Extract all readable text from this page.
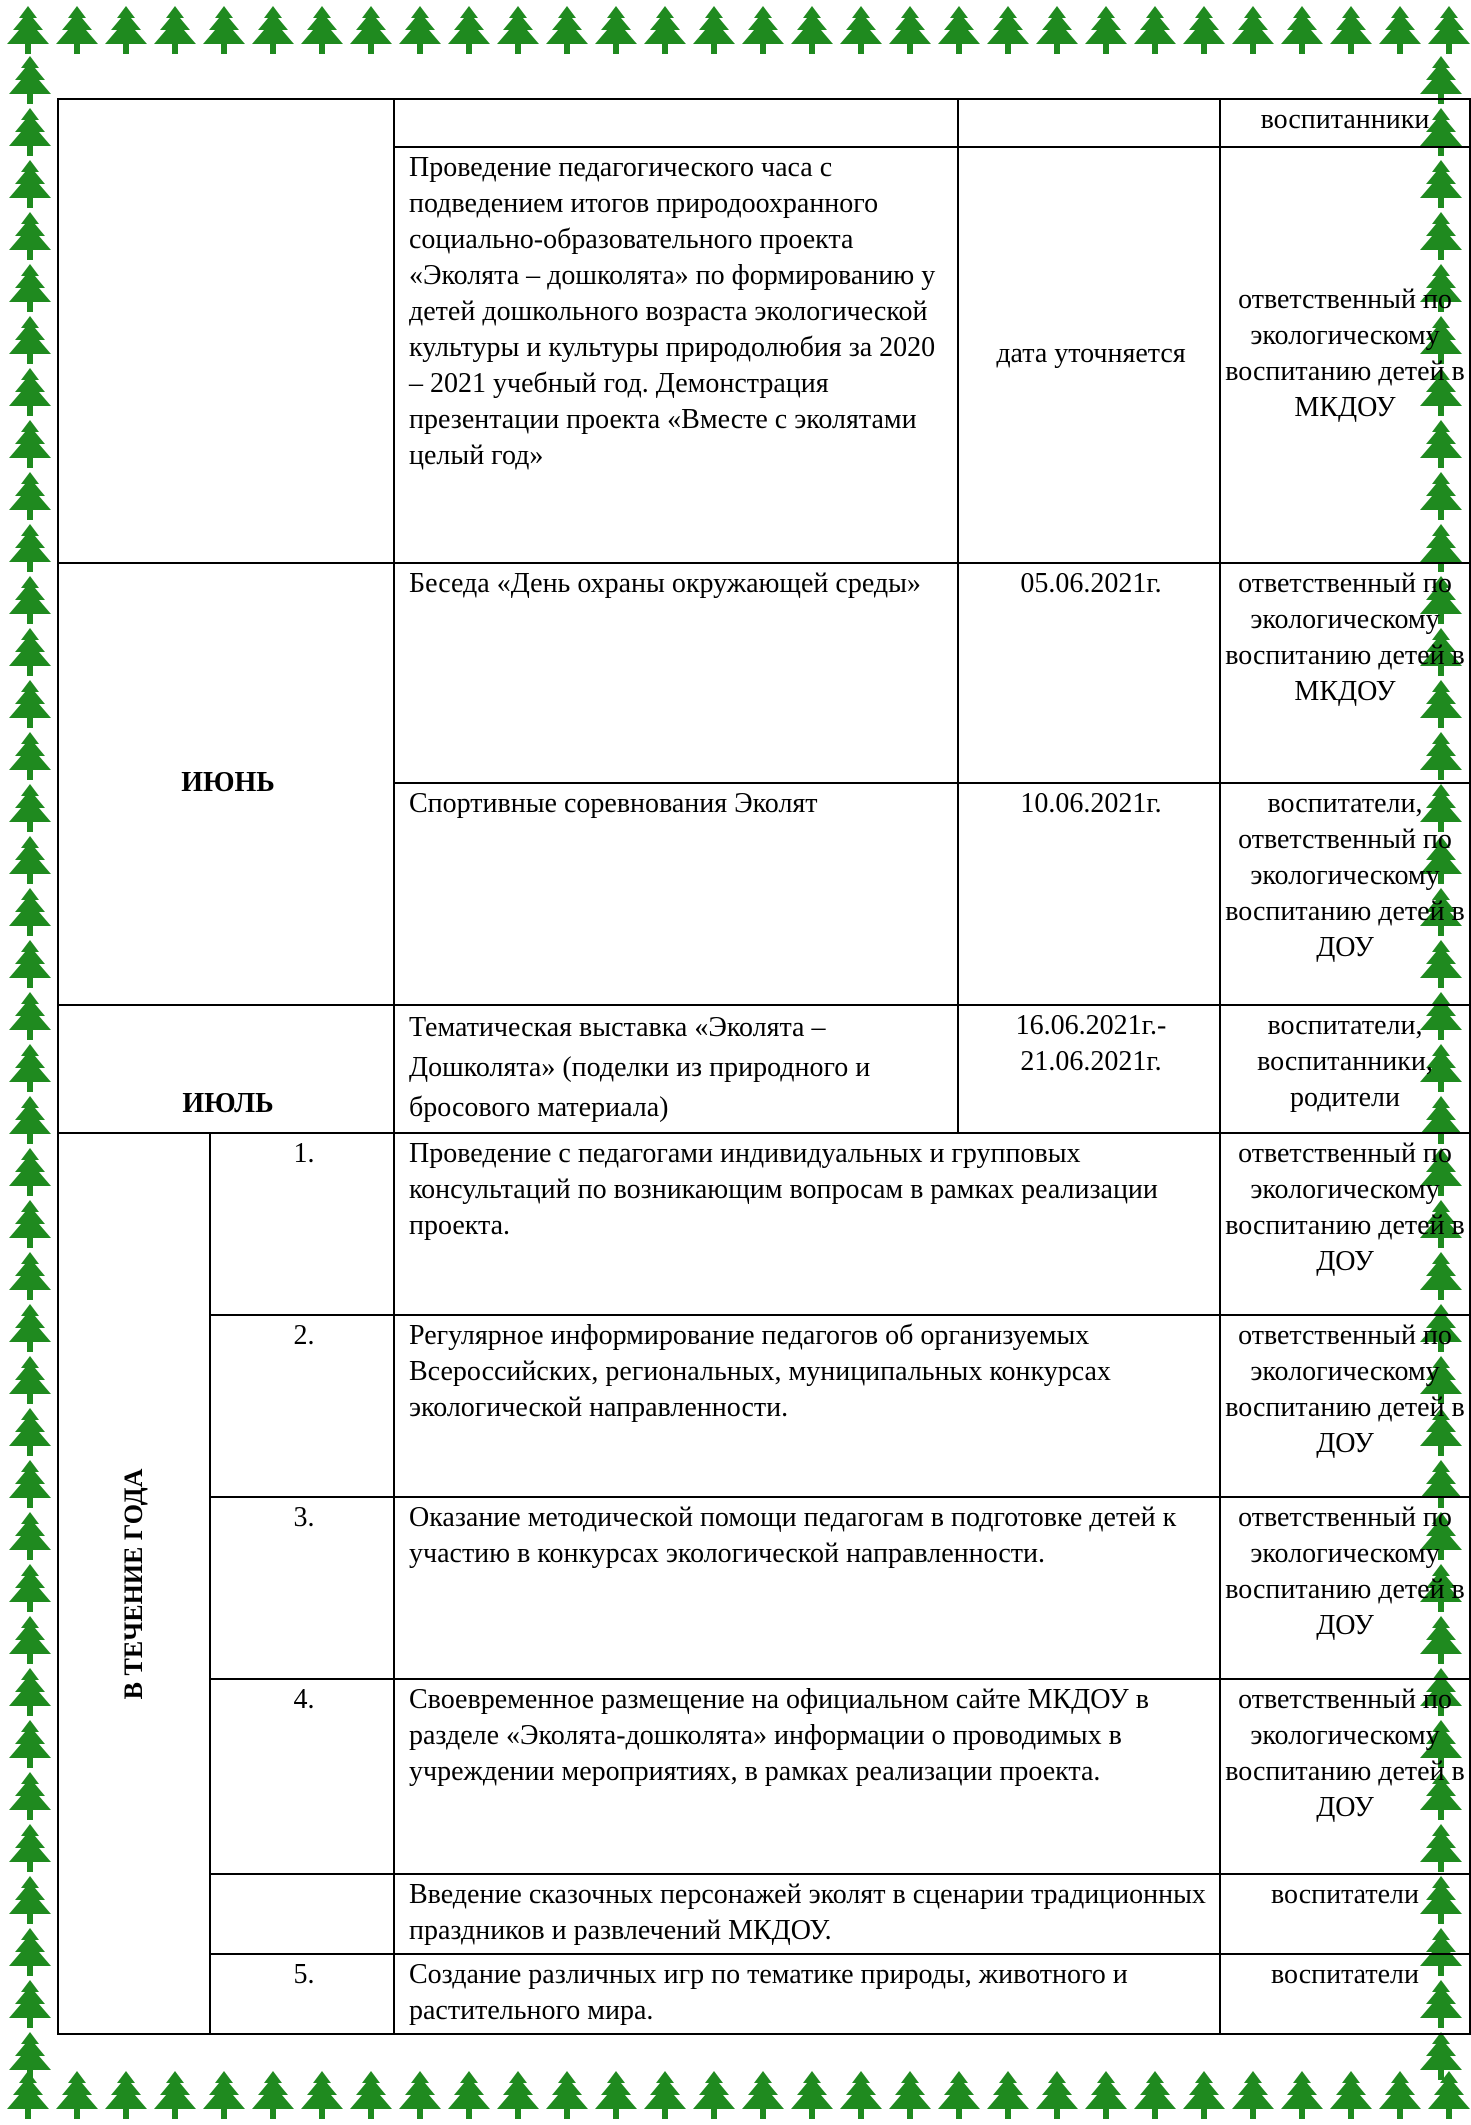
				воспитанники
		Проведение педагогического часа с подведением итогов природоохранного социально-образовательного проекта «Эколята – дошколята» по формированию у детей дошкольного возраста экологической культуры и культуры природолюбия за 2020 – 2021 учебный год. Демонстрация презентации проекта «Вместе с эколятами целый год»	дата уточняется	ответственный по экологическому воспитанию детей в МКДОУ
ИЮНЬ		Беседа «День охраны окружающей среды»	05.06.2021г.	ответственный по экологическому воспитанию детей в МКДОУ
		Спортивные соревнования Эколят	10.06.2021г.	воспитатели, ответственный по экологическому воспитанию детей в ДОУ
ИЮЛЬ		Тематическая выставка «Эколята – Дошколята» (поделки из природного и бросового материала)	16.06.2021г.- 21.06.2021г.	воспитатели, воспитанники, родители

В ТЕЧЕНИЕ ГОДА	1.	Проведение с педагогами индивидуальных и групповых консультаций по возникающим вопросам в рамках реализации проекта.		ответственный по экологическому воспитанию детей в ДОУ
	2.	Регулярное информирование педагогов об организуемых Всероссийских, региональных, муниципальных конкурсах экологической направленности.		ответственный по экологическому воспитанию детей в ДОУ
	3.	Оказание методической помощи педагогам в подготовке детей к участию в конкурсах экологической направленности.		ответственный по экологическому воспитанию детей в ДОУ
	4.	Своевременное размещение на официальном сайте МКДОУ в разделе «Эколята-дошколята» информации о проводимых в учреждении мероприятиях, в рамках реализации проекта.		ответственный по экологическому воспитанию детей в ДОУ
		Введение сказочных персонажей эколят в сценарии традиционных праздников и развлечений МКДОУ.		воспитатели
	5.	Создание различных игр по тематике природы, животного и растительного мира.		воспитатели
